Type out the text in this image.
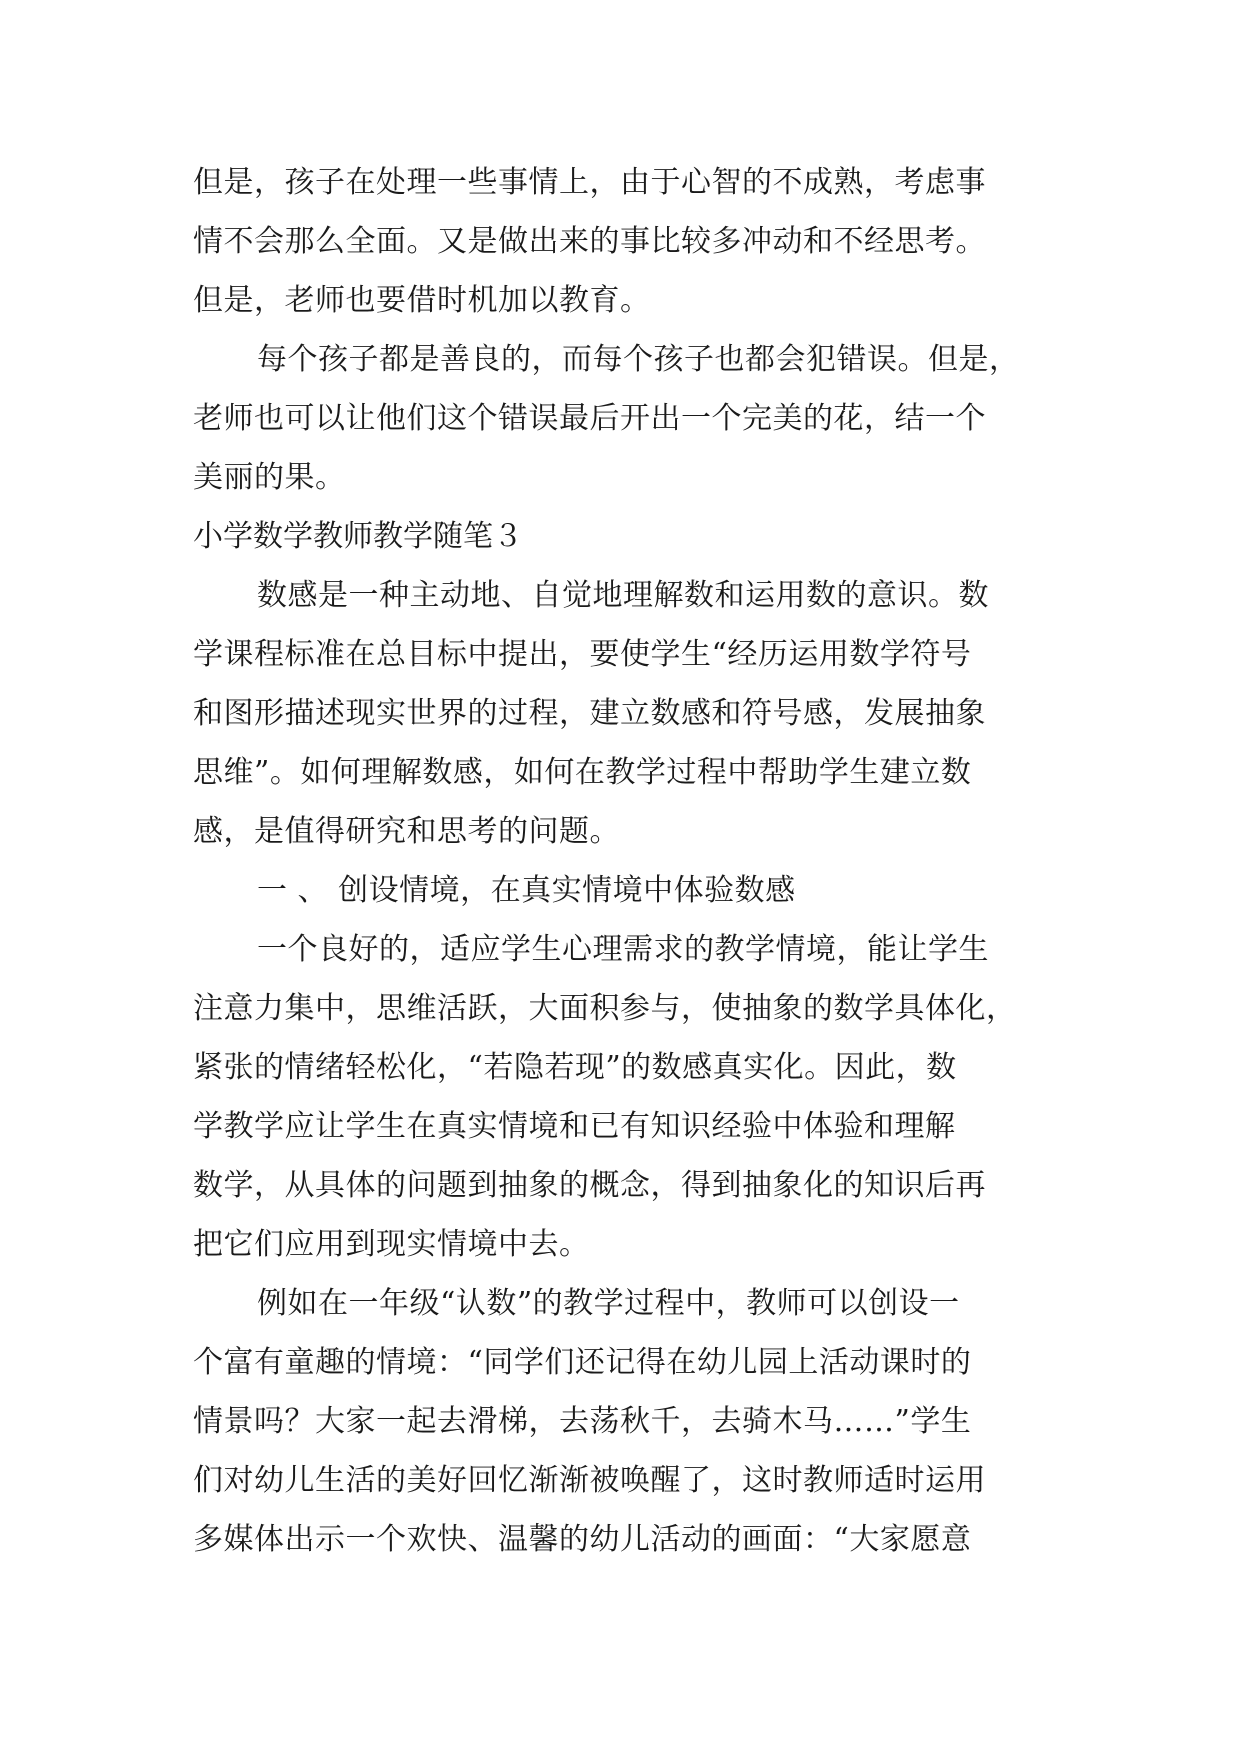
但是，孩子在处理一些事情上，由于心智的不成熟，考虑事
情不会那么全面。又是做出来的事比较多冲动和不经思考。
但是，老师也要借时机加以教育。
每个孩子都是善良的，而每个孩子也都会犯错误。但是，
老师也可以让他们这个错误最后开出一个完美的花，结一个
美丽的果。
小学数学教师教学随笔３
数感是一种主动地、自觉地理解数和运用数的意识。数
学课程标准在总目标中提出，要使学生“经历运用数学符号
和图形描述现实世界的过程，建立数感和符号感，发展抽象
思维”。如何理解数感，如何在教学过程中帮助学生建立数
感，是值得研究和思考的问题。
一 、 创设情境，在真实情境中体验数感
一个良好的，适应学生心理需求的教学情境，能让学生
注意力集中，思维活跃，大面积参与，使抽象的数学具体化，
紧张的情绪轻松化，“若隐若现”的数感真实化。因此，数
学教学应让学生在真实情境和已有知识经验中体验和理解
数学，从具体的问题到抽象的概念，得到抽象化的知识后再
把它们应用到现实情境中去。
例如在一年级“认数”的教学过程中，教师可以创设一
个富有童趣的情境：“同学们还记得在幼儿园上活动课时的
情景吗？大家一起去滑梯，去荡秋千，去骑木马……”学生
们对幼儿生活的美好回忆渐渐被唤醒了，这时教师适时运用
多媒体出示一个欢快、温馨的幼儿活动的画面：“大家愿意
